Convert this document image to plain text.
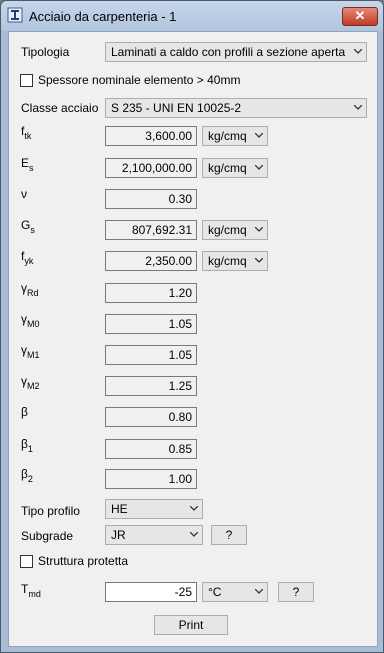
Acciaio da carpenteria - 1	✕
Tipologia	Laminati a caldo con profili a sezione aperta
Spessore nominale elemento > 40mm
Classe acciaio	S 235 - UNI EN 10025-2
$f_{tk}$	3,600.00	kg/cmq
$E_s$	2,100,000.00	kg/cmq
ν	0.30
$G_s$	807,692.31	kg/cmq
$f_{yk}$	2,350.00	kg/cmq
$\gamma_{Rd}$	1.20
$\gamma_{M0}$	1.05
$\gamma_{M1}$	1.05
$\gamma_{M2}$	1.25
β	0.80
$\beta_1$	0.85
$\beta_2$	1.00
Tipo profilo	HE
Subgrade	JR	?
Struttura protetta
$T_{md}$	-25	°C	?
Print
